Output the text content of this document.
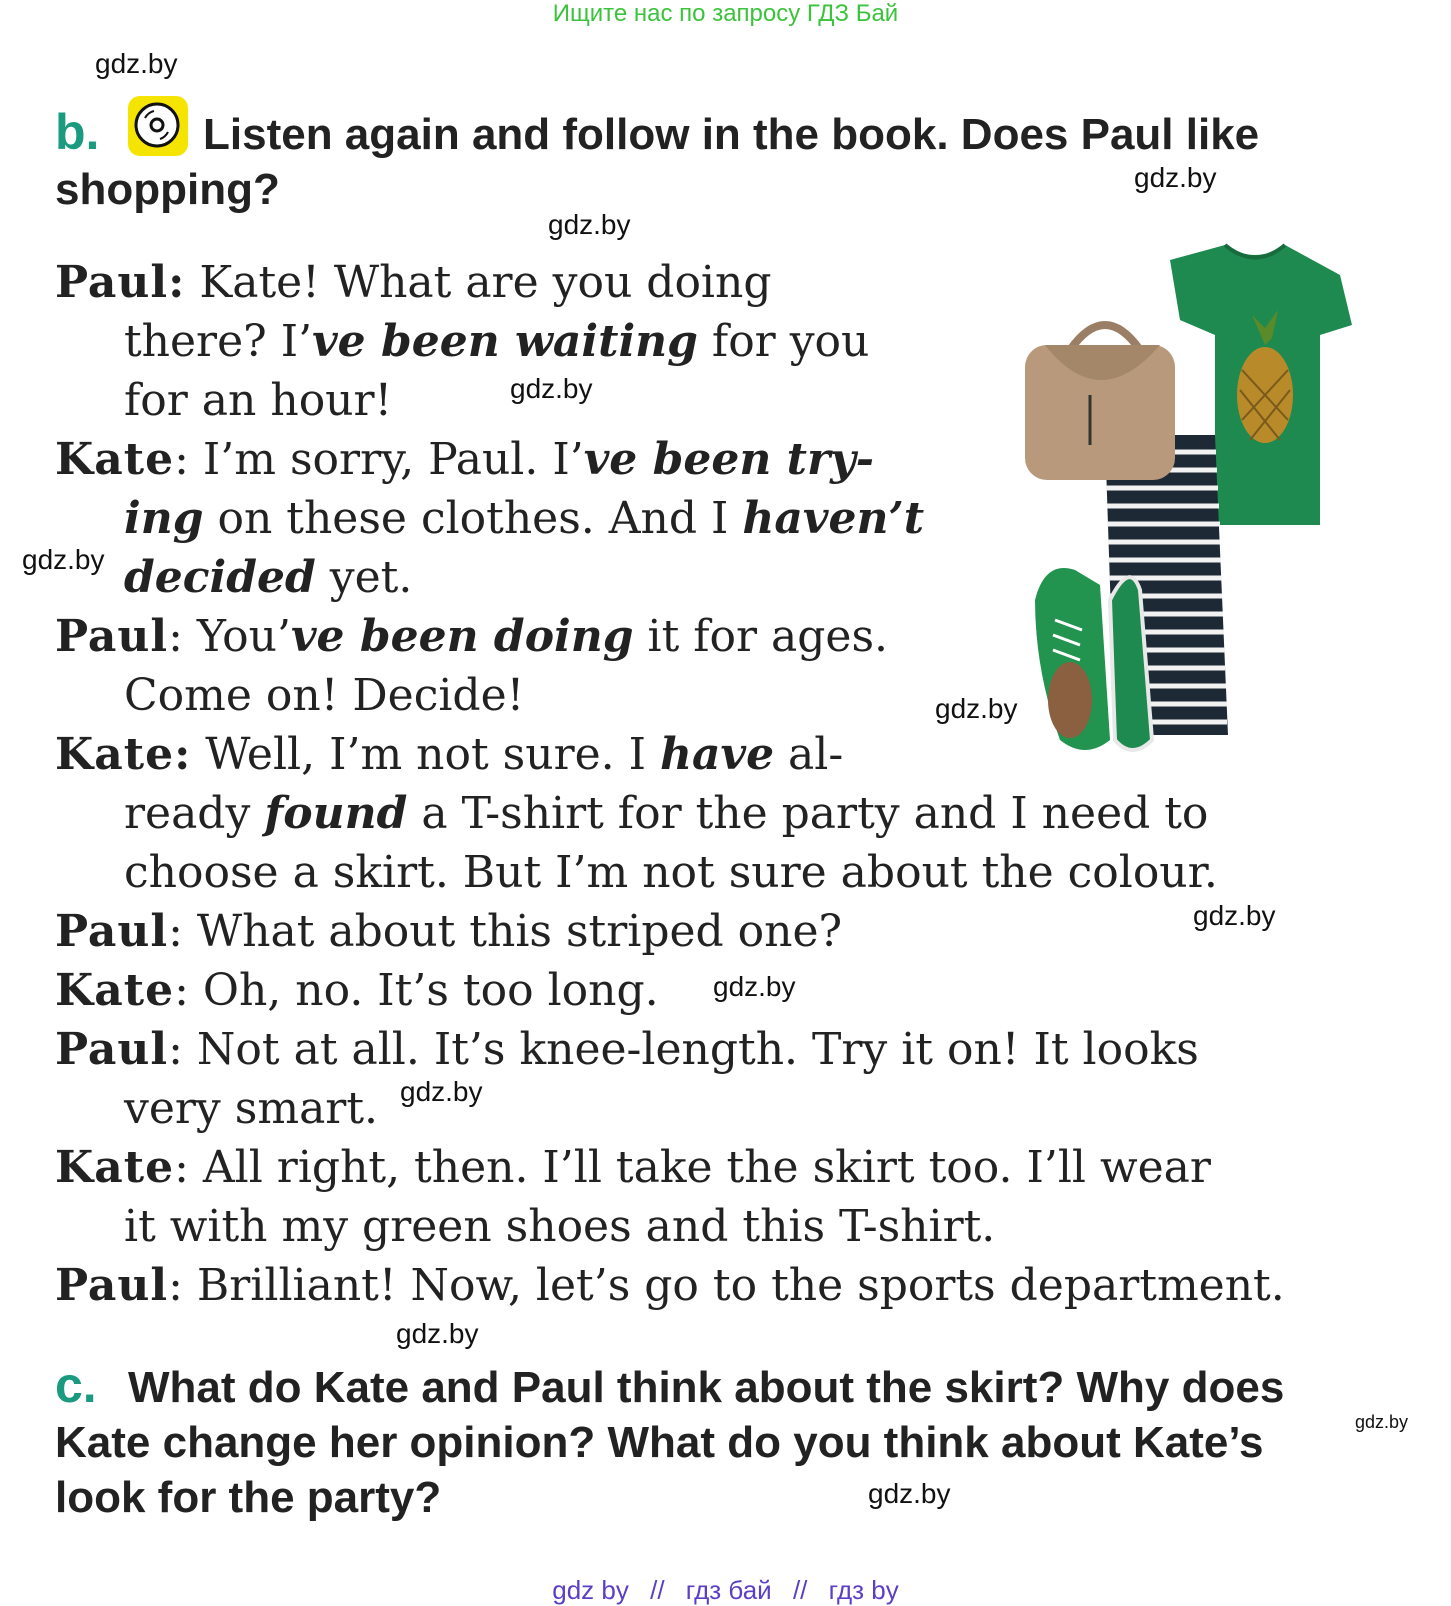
Ищите нас по запросу ГДЗ Бай
gdz.by
gdz.by
gdz.by
gdz.by
gdz.by
gdz.by
gdz.by
gdz.by
gdz.by
gdz.by
gdz.by
gdz.by
b. Listen again and follow in the book. Does Paul like
shopping?
Paul: Kate! What are you doing
there? I’ve been waiting for you
for an hour!
Kate: I’m sorry, Paul. I’ve been try-
ing on these clothes. And I haven’t
decided yet.
Paul: You’ve been doing it for ages.
Come on! Decide!
Kate: Well, I’m not sure. I have al-
ready found a T-shirt for the party and I need to
choose a skirt. But I’m not sure about the colour.
Paul: What about this striped one?
Kate: Oh, no. It’s too long.
Paul: Not at all. It’s knee-length. Try it on! It looks
very smart.
Kate: All right, then. I’ll take the skirt too. I’ll wear
it with my green shoes and this T-shirt.
Paul: Brilliant! Now, let’s go to the sports department.
c. What do Kate and Paul think about the skirt? Why does
Kate change her opinion? What do you think about Kate’s
look for the party?
gdz by // гдз бай // гдз by
